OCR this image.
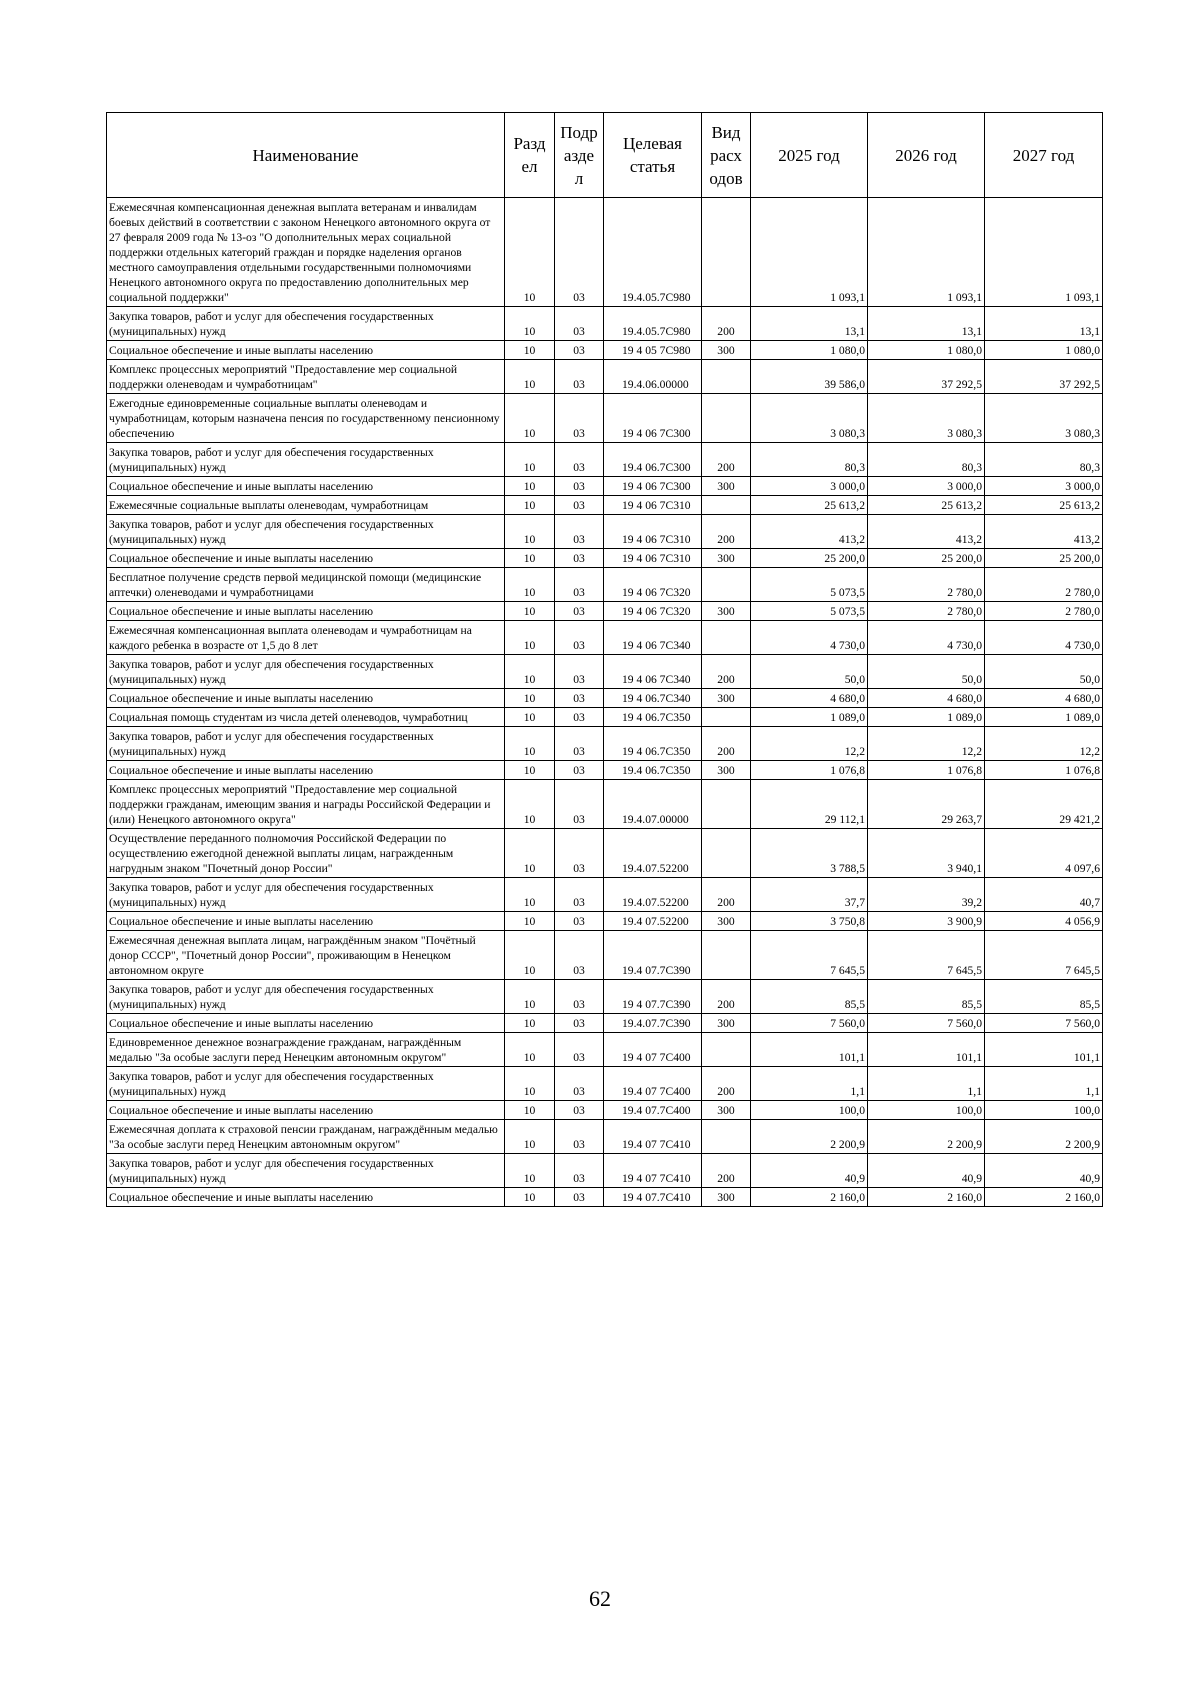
Наименование	Разд ел	Подр азде л	Целевая статья	Вид расх одов	2025 год	2026 год	2027 год
Ежемесячная компенсационная денежная выплата ветеранам и инвалидам боевых действий в соответствии с законом Ненецкого автономного округа от 27 февраля 2009 года № 13-оз "О дополнительных мерах социальной поддержки отдельных категорий граждан и порядке наделения органов местного самоуправления отдельными государственными полномочиями Ненецкого автономного округа по предоставлению дополнительных мер социальной поддержки"	10	03	19.4.05.7С980		1 093,1	1 093,1	1 093,1
Закупка товаров, работ и услуг для обеспечения государственных (муниципальных) нужд	10	03	19.4.05.7С980	200	13,1	13,1	13,1
Социальное обеспечение и иные выплаты населению	10	03	19 4 05 7С980	300	1 080,0	1 080,0	1 080,0
Комплекс процессных мероприятий "Предоставление мер социальной поддержки оленеводам и чумработницам"	10	03	19.4.06.00000		39 586,0	37 292,5	37 292,5
Ежегодные единовременные социальные выплаты оленеводам и чумработницам, которым назначена пенсия по государственному пенсионному обеспечению	10	03	19 4 06 7С300		3 080,3	3 080,3	3 080,3
Закупка товаров, работ и услуг для обеспечения государственных (муниципальных) нужд	10	03	19.4 06.7С300	200	80,3	80,3	80,3
Социальное обеспечение и иные выплаты населению	10	03	19 4 06 7С300	300	3 000,0	3 000,0	3 000,0
Ежемесячные социальные выплаты оленеводам, чумработницам	10	03	19 4 06 7С310		25 613,2	25 613,2	25 613,2
Закупка товаров, работ и услуг для обеспечения государственных (муниципальных) нужд	10	03	19 4 06 7С310	200	413,2	413,2	413,2
Социальное обеспечение и иные выплаты населению	10	03	19 4 06 7С310	300	25 200,0	25 200,0	25 200,0
Бесплатное получение средств первой медицинской помощи (медицинские аптечки) оленеводами и чумработницами	10	03	19 4 06 7С320		5 073,5	2 780,0	2 780,0
Социальное обеспечение и иные выплаты населению	10	03	19 4 06 7С320	300	5 073,5	2 780,0	2 780,0
Ежемесячная компенсационная выплата оленеводам и чумработницам на каждого ребенка в возрасте от 1,5 до 8 лет	10	03	19 4 06 7С340		4 730,0	4 730,0	4 730,0
Закупка товаров, работ и услуг для обеспечения государственных (муниципальных) нужд	10	03	19 4 06 7С340	200	50,0	50,0	50,0
Социальное обеспечение и иные выплаты населению	10	03	19 4 06.7С340	300	4 680,0	4 680,0	4 680,0
Социальная помощь студентам из числа детей оленеводов, чумработниц	10	03	19 4 06.7С350		1 089,0	1 089,0	1 089,0
Закупка товаров, работ и услуг для обеспечения государственных (муниципальных) нужд	10	03	19 4 06.7С350	200	12,2	12,2	12,2
Социальное обеспечение и иные выплаты населению	10	03	19.4 06.7С350	300	1 076,8	1 076,8	1 076,8
Комплекс процессных мероприятий "Предоставление мер социальной поддержки гражданам, имеющим звания и награды Российской Федерации и (или) Ненецкого автономного округа"	10	03	19.4.07.00000		29 112,1	29 263,7	29 421,2
Осуществление переданного полномочия Российской Федерации по осуществлению ежегодной денежной выплаты лицам, награжденным нагрудным знаком "Почетный донор России"	10	03	19.4.07.52200		3 788,5	3 940,1	4 097,6
Закупка товаров, работ и услуг для обеспечения государственных (муниципальных) нужд	10	03	19.4.07.52200	200	37,7	39,2	40,7
Социальное обеспечение и иные выплаты населению	10	03	19.4 07.52200	300	3 750,8	3 900,9	4 056,9
Ежемесячная денежная выплата лицам, награждённым знаком "Почётный донор СССР", "Почетный донор России", проживающим в Ненецком автономном округе	10	03	19.4 07.7С390		7 645,5	7 645,5	7 645,5
Закупка товаров, работ и услуг для обеспечения государственных (муниципальных) нужд	10	03	19 4 07.7С390	200	85,5	85,5	85,5
Социальное обеспечение и иные выплаты населению	10	03	19.4.07.7С390	300	7 560,0	7 560,0	7 560,0
Единовременное денежное вознаграждение гражданам, награждённым медалью "За особые заслуги перед Ненецким автономным округом"	10	03	19 4 07 7С400		101,1	101,1	101,1
Закупка товаров, работ и услуг для обеспечения государственных (муниципальных) нужд	10	03	19.4 07 7С400	200	1,1	1,1	1,1
Социальное обеспечение и иные выплаты населению	10	03	19.4 07.7С400	300	100,0	100,0	100,0
Ежемесячная доплата к страховой пенсии гражданам, награждённым медалью "За особые заслуги перед Ненецким автономным округом"	10	03	19.4 07 7С410		2 200,9	2 200,9	2 200,9
Закупка товаров, работ и услуг для обеспечения государственных (муниципальных) нужд	10	03	19 4 07 7С410	200	40,9	40,9	40,9
Социальное обеспечение и иные выплаты населению	10	03	19 4 07.7С410	300	2 160,0	2 160,0	2 160,0
62
